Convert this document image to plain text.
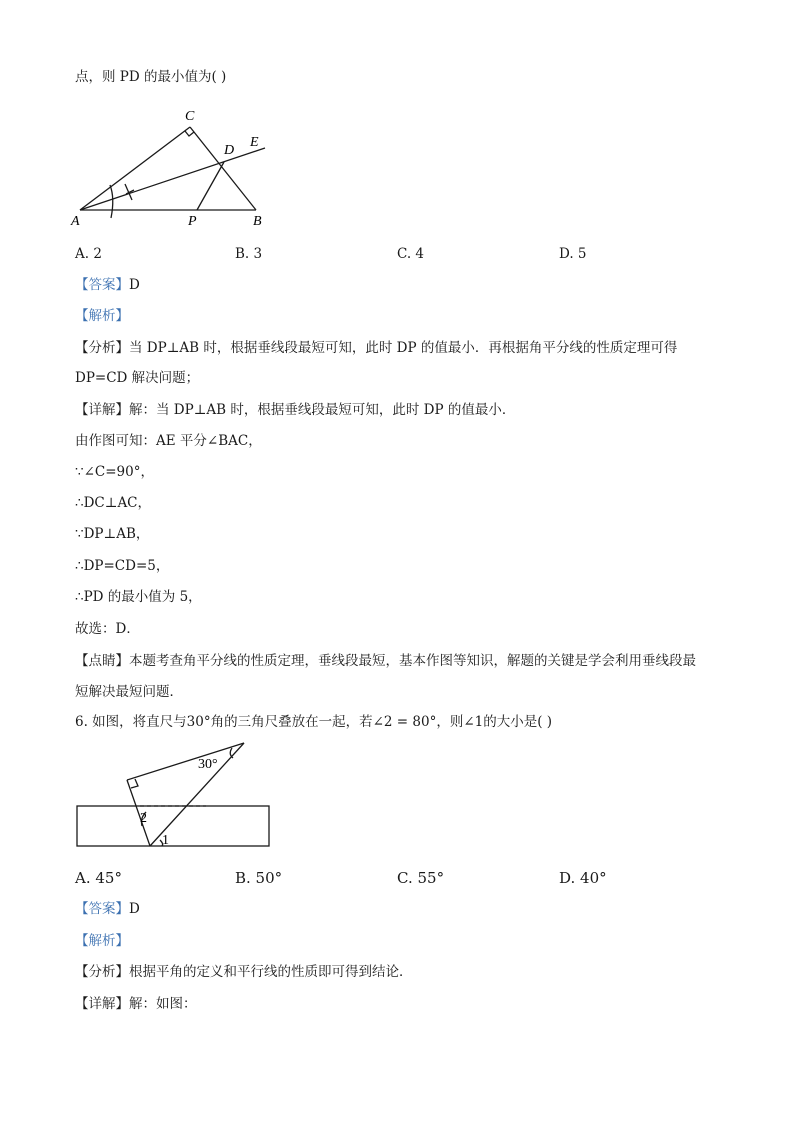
点，则 PD 的最小值为( )
A	B
C
D
E
P
A. 2	B. 3	C. 4	D. 5
【答案】D
【解析】
【分析】当 DP⊥AB 时，根据垂线段最短可知，此时 DP 的值最小．再根据角平分线的性质定理可得
DP=CD 解决问题；
【详解】解：当 DP⊥AB 时，根据垂线段最短可知，此时 DP 的值最小．
由作图可知：AE 平分∠BAC，
∵∠C=90°，
∴DC⊥AC，
∵DP⊥AB，
∴DP=CD=5，
∴PD 的最小值为 5，
故选：D．
【点睛】本题考查角平分线的性质定理，垂线段最短，基本作图等知识，解题的关键是学会利用垂线段最
短解决最短问题．
6. 如图，将直尺与30°角的三角尺叠放在一起，若∠2 = 80°，则∠1的大小是( )
30°
2
1
A. 45°	B. 50°	C. 55°	D. 40°
【答案】D
【解析】
【分析】根据平角的定义和平行线的性质即可得到结论．
【详解】解：如图：
